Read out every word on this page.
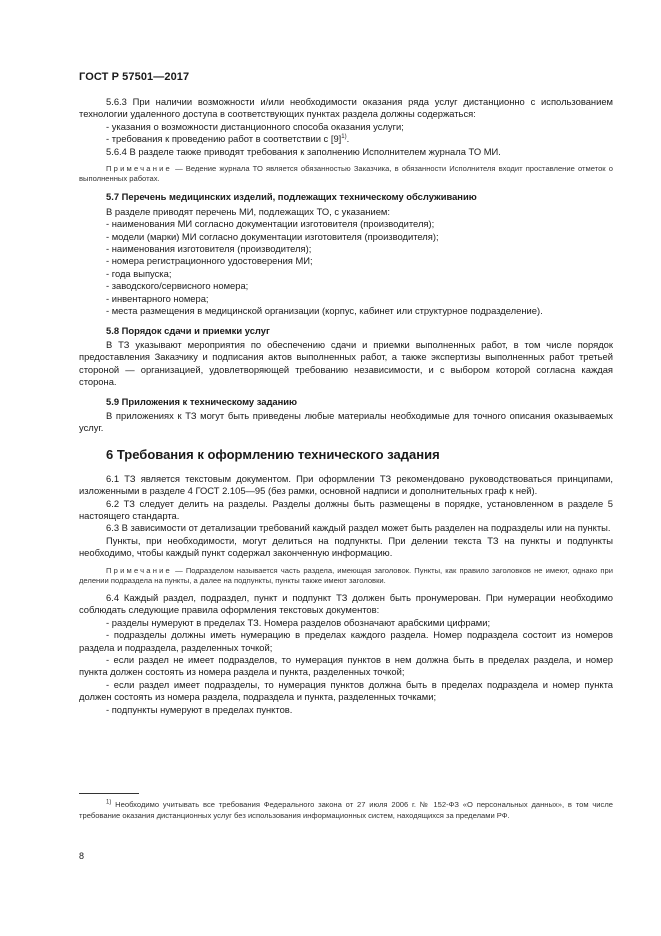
ГОСТ Р 57501—2017

5.6.3 При наличии возможности и/или необходимости оказания ряда услуг дистанционно с использованием технологии удаленного доступа в соответствующих пунктах раздела должны содержаться:

- указания о возможности дистанционного способа оказания услуги;

- требования к проведению работ в соответствии с $[9]^{1)}$.

5.6.4 В разделе также приводят требования к заполнению Исполнителем журнала ТО МИ.

Примечание — Ведение журнала ТО является обязанностью Заказчика, в обязанности Исполнителя входит проставление отметок о выполненных работах.

5.7 Перечень медицинских изделий, подлежащих техническому обслуживанию

В разделе приводят перечень МИ, подлежащих ТО, с указанием:

- наименования МИ согласно документации изготовителя (производителя);

- модели (марки) МИ согласно документации изготовителя (производителя);

- наименования изготовителя (производителя);

- номера регистрационного удостоверения МИ;

- года выпуска;

- заводского/сервисного номера;

- инвентарного номера;

- места размещения в медицинской организации (корпус, кабинет или структурное подразделение).

5.8 Порядок сдачи и приемки услуг

В ТЗ указывают мероприятия по обеспечению сдачи и приемки выполненных работ, в том числе порядок предоставления Заказчику и подписания актов выполненных работ, а также экспертизы выполненных работ третьей стороной — организацией, удовлетворяющей требованию независимости, и с выбором которой согласна каждая сторона.

5.9 Приложения к техническому заданию

В приложениях к ТЗ могут быть приведены любые материалы необходимые для точного описания оказываемых услуг.

6 Требования к оформлению технического задания

6.1 ТЗ является текстовым документом. При оформлении ТЗ рекомендовано руководствоваться принципами, изложенными в разделе 4 ГОСТ 2.105—95 (без рамки, основной надписи и дополнительных граф к ней).

6.2 ТЗ следует делить на разделы. Разделы должны быть размещены в порядке, установленном в разделе 5 настоящего стандарта.

6.3 В зависимости от детализации требований каждый раздел может быть разделен на подразделы или на пункты.

Пункты, при необходимости, могут делиться на подпункты. При делении текста ТЗ на пункты и подпункты необходимо, чтобы каждый пункт содержал законченную информацию.

Примечание — Подразделом называется часть раздела, имеющая заголовок. Пункты, как правило заголовков не имеют, однако при делении подраздела на пункты, а далее на подпункты, пункты также имеют заголовки.

6.4 Каждый раздел, подраздел, пункт и подпункт ТЗ должен быть пронумерован. При нумерации необходимо соблюдать следующие правила оформления текстовых документов:

- разделы нумеруют в пределах ТЗ. Номера разделов обозначают арабскими цифрами;

- подразделы должны иметь нумерацию в пределах каждого раздела. Номер подраздела состоит из номеров раздела и подраздела, разделенных точкой;

- если раздел не имеет подразделов, то нумерация пунктов в нем должна быть в пределах раздела, и номер пункта должен состоять из номера раздела и пункта, разделенных точкой;

- если раздел имеет подразделы, то нумерация пунктов должна быть в пределах подраздела и номер пункта должен состоять из номера раздела, подраздела и пункта, разделенных точками;

- подпункты нумеруют в пределах пунктов.

$^{1)}$ Необходимо учитывать все требования Федерального закона от 27 июля 2006 г. № 152-ФЗ «О персональных данных», в том числе требование оказания дистанционных услуг без использования информационных систем, находящихся за пределами РФ.
8
